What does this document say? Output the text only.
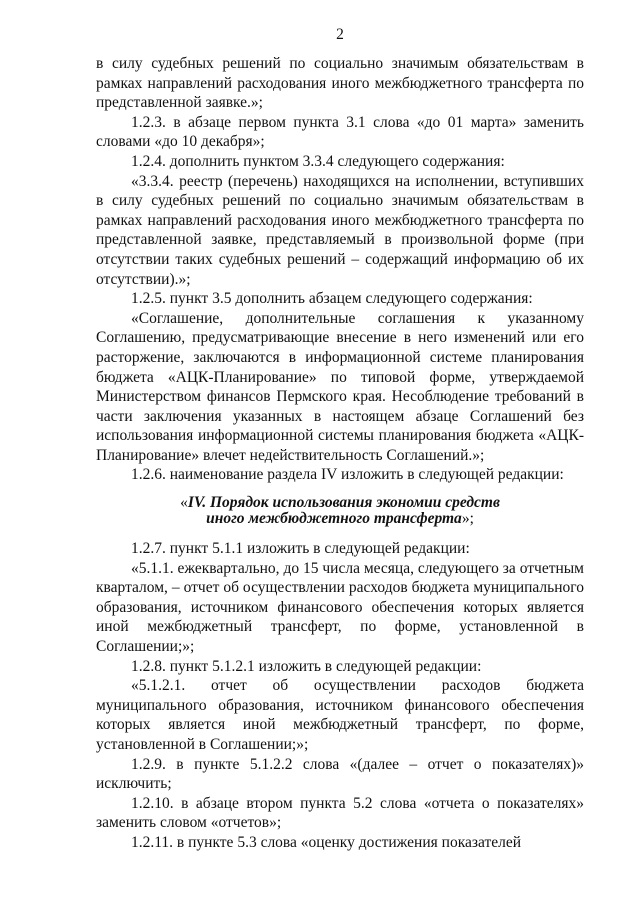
2

в силу судебных решений по социально значимым обязательствам в рамках направлений расходования иного межбюджетного трансферта по представленной заявке.»;

1.2.3. в абзаце первом пункта 3.1 слова «до 01 марта» заменить словами «до 10 декабря»;

1.2.4. дополнить пунктом 3.3.4 следующего содержания:

«3.3.4. реестр (перечень) находящихся на исполнении, вступивших в силу судебных решений по социально значимым обязательствам в рамках направлений расходования иного межбюджетного трансферта по представленной заявке, представляемый в произвольной форме (при отсутствии таких судебных решений – содержащий информацию об их отсутствии).»;

1.2.5. пункт 3.5 дополнить абзацем следующего содержания:

«Соглашение, дополнительные соглашения к указанному Соглашению, предусматривающие внесение в него изменений или его расторжение, заключаются в информационной системе планирования бюджета «АЦК-Планирование» по типовой форме, утверждаемой Министерством финансов Пермского края. Несоблюдение требований в части заключения указанных в настоящем абзаце Соглашений без использования информационной системы планирования бюджета «АЦК-Планирование» влечет недействительность Соглашений.»;

1.2.6. наименование раздела IV изложить в следующей редакции:

«IV. Порядок использования экономии средств
иного межбюджетного трансферта»;

1.2.7. пункт 5.1.1 изложить в следующей редакции:

«5.1.1. ежеквартально, до 15 числа месяца, следующего за отчетным кварталом, – отчет об осуществлении расходов бюджета муниципального образования, источником финансового обеспечения которых является иной межбюджетный трансферт, по форме, установленной в Соглашении;»;

1.2.8. пункт 5.1.2.1 изложить в следующей редакции:

«5.1.2.1. отчет об осуществлении расходов бюджета муниципального образования, источником финансового обеспечения которых является иной межбюджетный трансферт, по форме, установленной в Соглашении;»;

1.2.9. в пункте 5.1.2.2 слова «(далее – отчет о показателях)» исключить;

1.2.10. в абзаце втором пункта 5.2 слова «отчета о показателях» заменить словом «отчетов»;

1.2.11. в пункте 5.3 слова «оценку достижения показателей
